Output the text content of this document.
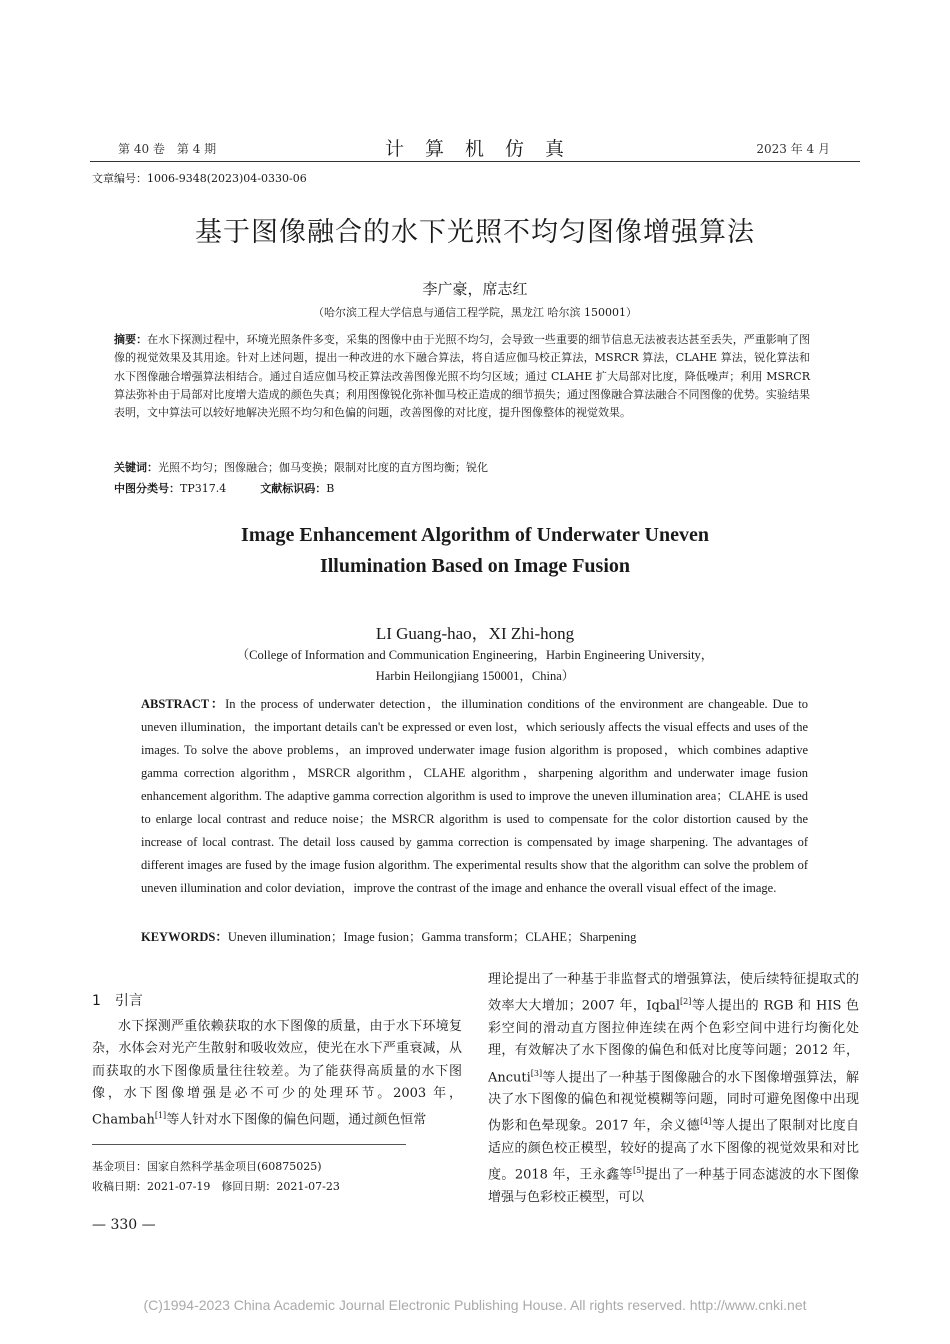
第 40 卷　第 4 期	计　算　机　仿　真	2023 年 4 月
文章编号：1006-9348(2023)04-0330-06
基于图像融合的水下光照不均匀图像增强算法
李广豪，席志红
（哈尔滨工程大学信息与通信工程学院，黑龙江 哈尔滨 150001）
摘要：在水下探测过程中，环境光照条件多变，采集的图像中由于光照不均匀，会导致一些重要的细节信息无法被表达甚至丢失，严重影响了图像的视觉效果及其用途。针对上述问题，提出一种改进的水下融合算法，将自适应伽马校正算法，MSRCR 算法，CLAHE 算法，锐化算法和水下图像融合增强算法相结合。通过自适应伽马校正算法改善图像光照不均匀区域；通过 CLAHE 扩大局部对比度，降低噪声；利用 MSRCR 算法弥补由于局部对比度增大造成的颜色失真；利用图像锐化弥补伽马校正造成的细节损失；通过图像融合算法融合不同图像的优势。实验结果表明，文中算法可以较好地解决光照不均匀和色偏的问题，改善图像的对比度，提升图像整体的视觉效果。
关键词：光照不均匀；图像融合；伽马变换；限制对比度的直方图均衡；锐化
中图分类号：TP317.4	文献标识码：B
Image Enhancement Algorithm of Underwater Uneven
Illumination Based on Image Fusion
LI Guang-hao，XI Zhi-hong
（College of Information and Communication Engineering，Harbin Engineering University，
Harbin Heilongjiang 150001，China）
ABSTRACT：In the process of underwater detection，the illumination conditions of the environment are changeable. Due to uneven illumination，the important details can't be expressed or even lost，which seriously affects the visual effects and uses of the images. To solve the above problems，an improved underwater image fusion algorithm is proposed，which combines adaptive gamma correction algorithm，MSRCR algorithm，CLAHE algorithm，sharpening algorithm and underwater image fusion enhancement algorithm. The adaptive gamma correction algorithm is used to improve the uneven illumination area；CLAHE is used to enlarge local contrast and reduce noise；the MSRCR algorithm is used to compensate for the color distortion caused by the increase of local contrast. The detail loss caused by gamma correction is compensated by image sharpening. The advantages of different images are fused by the image fusion algorithm. The experimental results show that the algorithm can solve the problem of uneven illumination and color deviation，improve the contrast of the image and enhance the overall visual effect of the image.
KEYWORDS：Uneven illumination；Image fusion；Gamma transform；CLAHE；Sharpening
1　引言
水下探测严重依赖获取的水下图像的质量，由于水下环境复杂，水体会对光产生散射和吸收效应，使光在水下严重衰减，从而获取的水下图像质量往往较差。为了能获得高质量的水下图像，水下图像增强是必不可少的处理环节。2003 年，Chambah[1]等人针对水下图像的偏色问题，通过颜色恒常
理论提出了一种基于非监督式的增强算法，使后续特征提取式的效率大大增加；2007 年，Iqbal[2]等人提出的 RGB 和 HIS 色彩空间的滑动直方图拉伸连续在两个色彩空间中进行均衡化处理，有效解决了水下图像的偏色和低对比度等问题；2012 年，Ancuti[3]等人提出了一种基于图像融合的水下图像增强算法，解决了水下图像的偏色和视觉模糊等问题，同时可避免图像中出现伪影和色晕现象。2017 年，余义德[4]等人提出了限制对比度自适应的颜色校正模型，较好的提高了水下图像的视觉效果和对比度。2018 年，王永鑫等[5]提出了一种基于同态滤波的水下图像增强与色彩校正模型，可以
基金项目：国家自然科学基金项目(60875025)
收稿日期：2021-07-19　修回日期：2021-07-23
— 330 —
(C)1994-2023 China Academic Journal Electronic Publishing House. All rights reserved. http://www.cnki.net
